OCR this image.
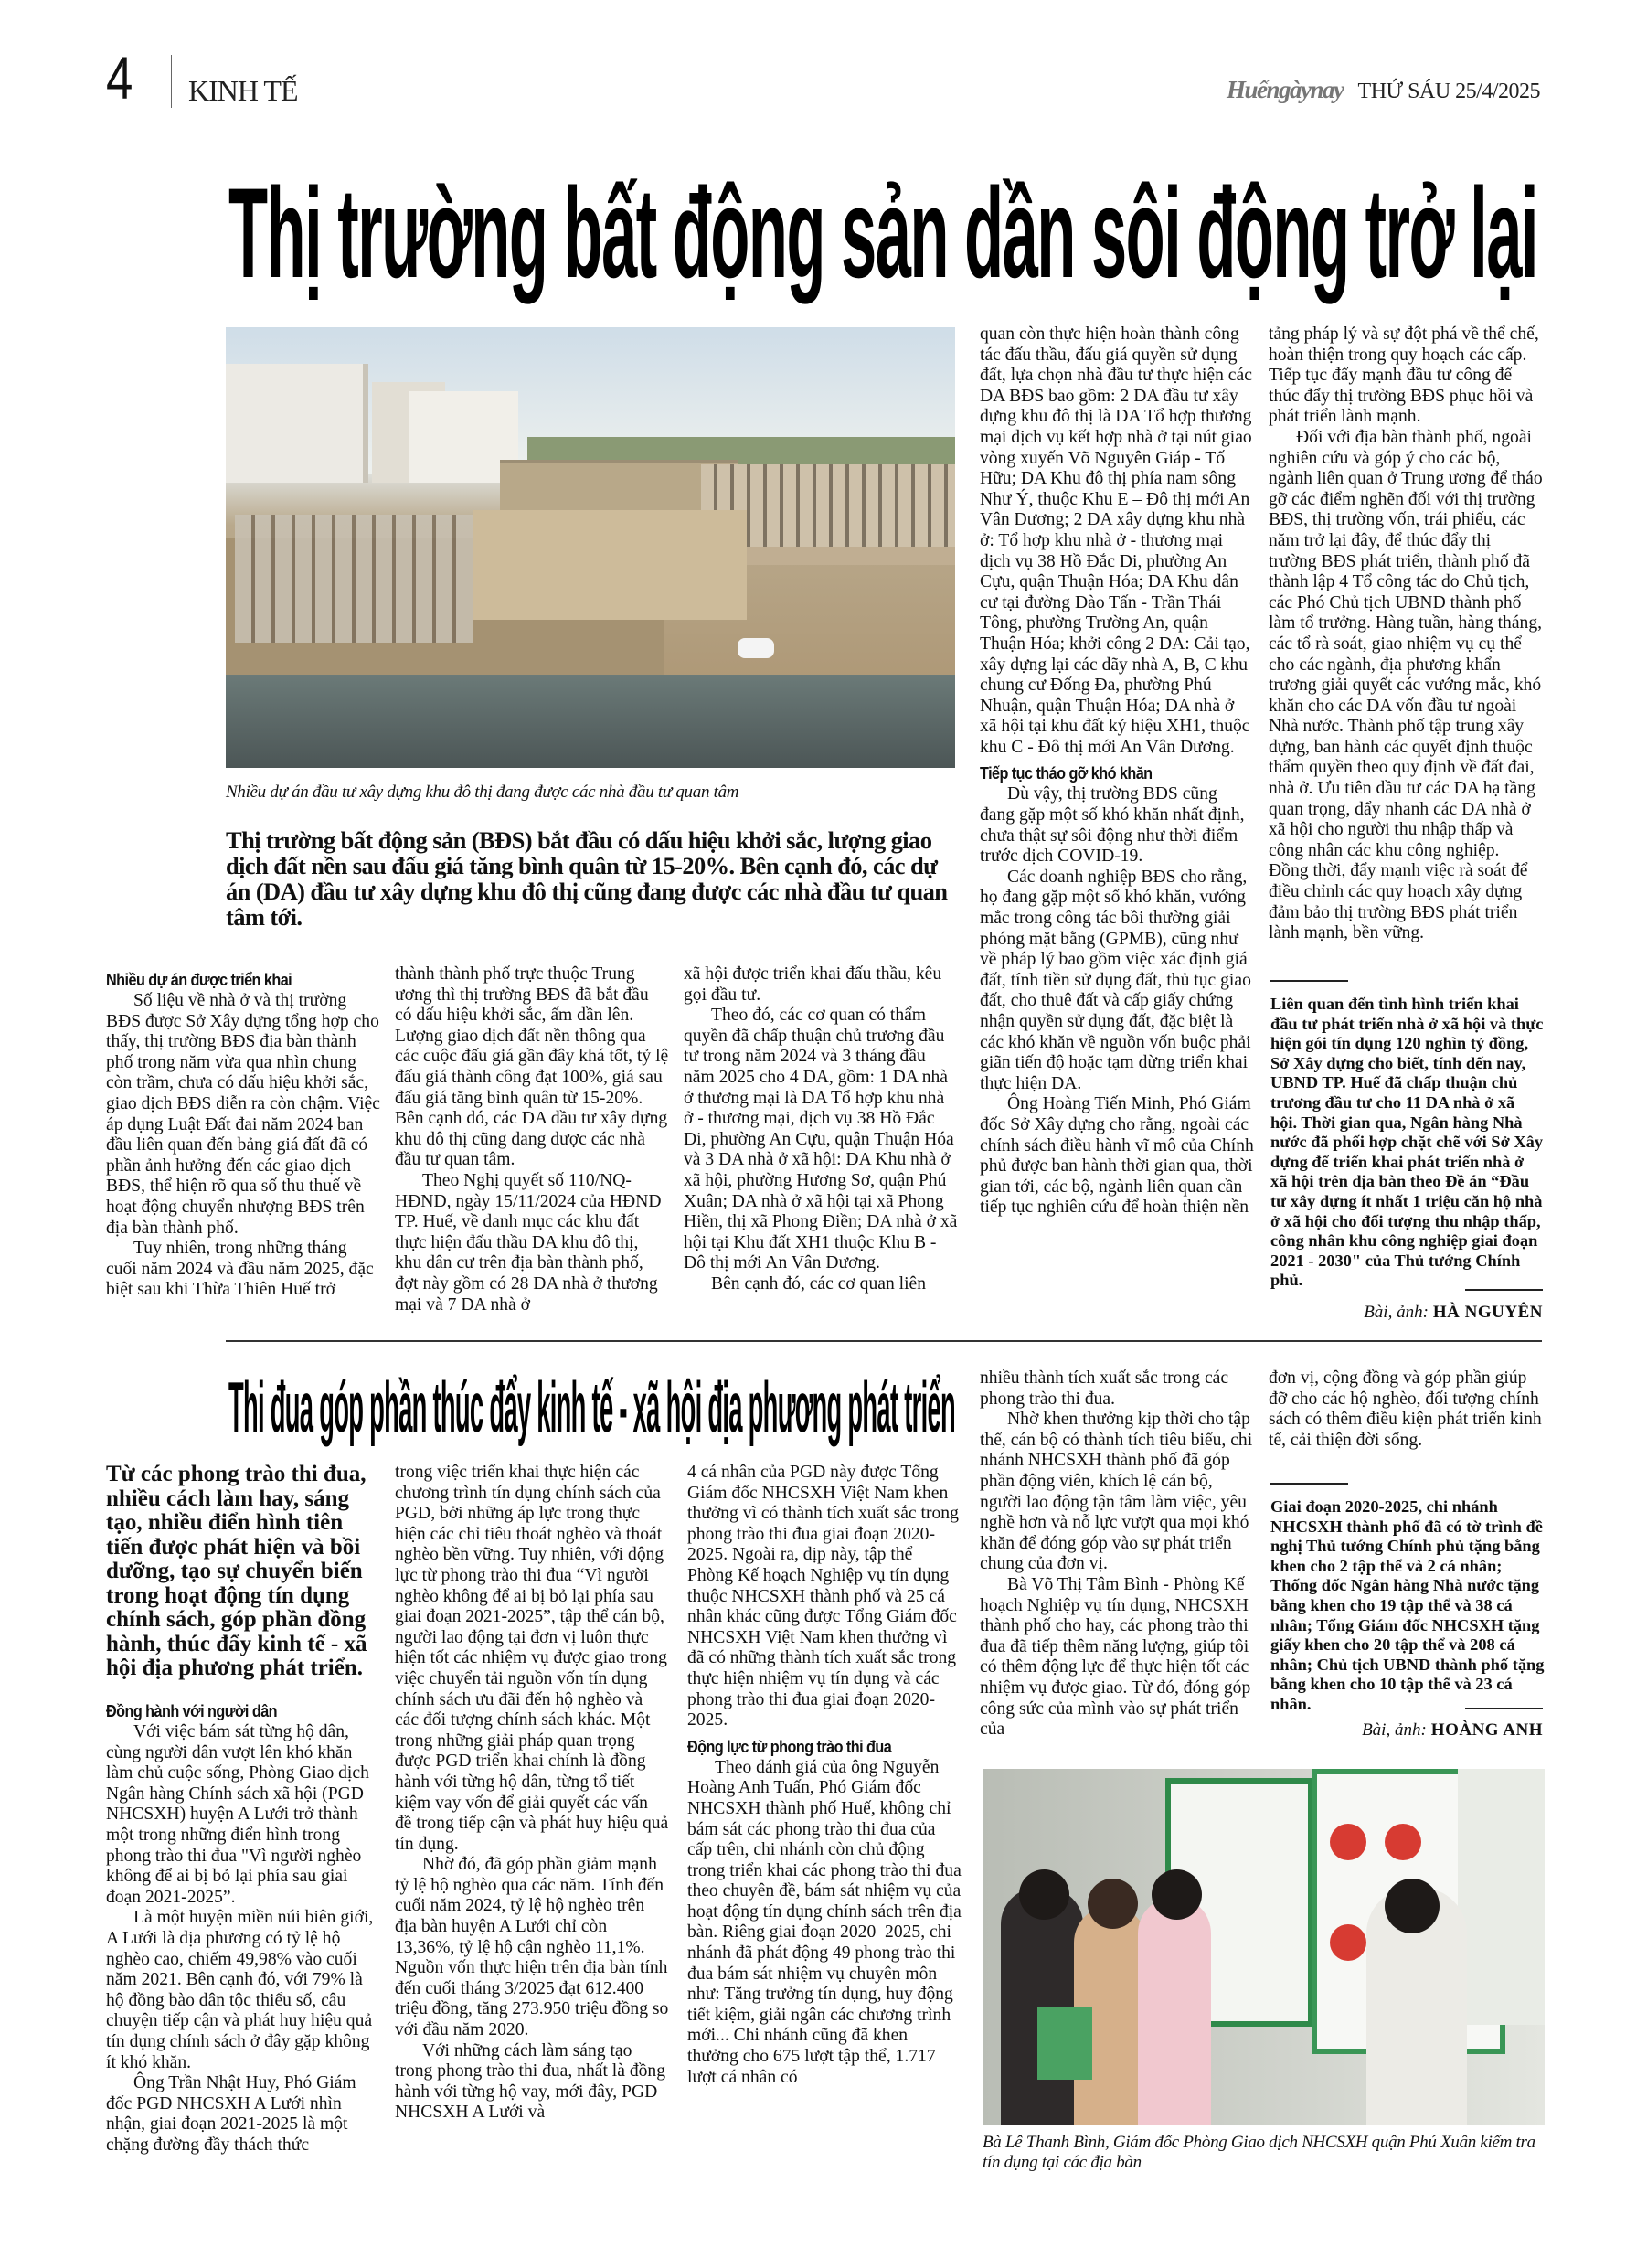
4 KINH TẾ	Huếngàynay THỨ SÁU 25/4/2025
Thị trường bất động sản dần sôi động trở lại
Nhiều dự án đầu tư xây dựng khu đô thị đang được các nhà đầu tư quan tâm
Thị trường bất động sản (BĐS) bắt đầu có dấu hiệu khởi sắc, lượng giao dịch đất nền sau đấu giá tăng bình quân từ 15-20%. Bên cạnh đó, các dự án (DA) đầu tư xây dựng khu đô thị cũng đang được các nhà đầu tư quan tâm tới.
Nhiều dự án được triển khai

Số liệu về nhà ở và thị trường BĐS được Sở Xây dựng tổng hợp cho thấy, thị trường BĐS địa bàn thành phố trong năm vừa qua nhìn chung còn trầm, chưa có dấu hiệu khởi sắc, giao dịch BĐS diễn ra còn chậm. Việc áp dụng Luật Đất đai năm 2024 ban đầu liên quan đến bảng giá đất đã có phần ảnh hưởng đến các giao dịch BĐS, thể hiện rõ qua số thu thuế về hoạt động chuyển nhượng BĐS trên địa bàn thành phố.

Tuy nhiên, trong những tháng cuối năm 2024 và đầu năm 2025, đặc biệt sau khi Thừa Thiên Huế trở

thành thành phố trực thuộc Trung ương thì thị trường BĐS đã bắt đầu có dấu hiệu khởi sắc, ấm dần lên. Lượng giao dịch đất nền thông qua các cuộc đấu giá gần đây khá tốt, tỷ lệ đấu giá thành công đạt 100%, giá sau đấu giá tăng bình quân từ 15-20%. Bên cạnh đó, các DA đầu tư xây dựng khu đô thị cũng đang được các nhà đầu tư quan tâm.

Theo Nghị quyết số 110/NQ-HĐND, ngày 15/11/2024 của HĐND TP. Huế, về danh mục các khu đất thực hiện đấu thầu DA khu đô thị, khu dân cư trên địa bàn thành phố, đợt này gồm có 28 DA nhà ở thương mại và 7 DA nhà ở

xã hội được triển khai đấu thầu, kêu gọi đầu tư.

Theo đó, các cơ quan có thẩm quyền đã chấp thuận chủ trương đầu tư trong năm 2024 và 3 tháng đầu năm 2025 cho 4 DA, gồm: 1 DA nhà ở thương mại là DA Tổ hợp khu nhà ở - thương mại, dịch vụ 38 Hồ Đắc Di, phường An Cựu, quận Thuận Hóa và 3 DA nhà ở xã hội: DA Khu nhà ở xã hội, phường Hương Sơ, quận Phú Xuân; DA nhà ở xã hội tại xã Phong Hiền, thị xã Phong Điền; DA nhà ở xã hội tại Khu đất XH1 thuộc Khu B - Đô thị mới An Vân Dương.

Bên cạnh đó, các cơ quan liên

quan còn thực hiện hoàn thành công tác đấu thầu, đấu giá quyền sử dụng đất, lựa chọn nhà đầu tư thực hiện các DA BĐS bao gồm: 2 DA đầu tư xây dựng khu đô thị là DA Tổ hợp thương mại dịch vụ kết hợp nhà ở tại nút giao vòng xuyến Võ Nguyên Giáp - Tố Hữu; DA Khu đô thị phía nam sông Như Ý, thuộc Khu E – Đô thị mới An Vân Dương; 2 DA xây dựng khu nhà ở: Tổ hợp khu nhà ở - thương mại dịch vụ 38 Hồ Đắc Di, phường An Cựu, quận Thuận Hóa; DA Khu dân cư tại đường Đào Tấn - Trần Thái Tông, phường Trường An, quận Thuận Hóa; khởi công 2 DA: Cải tạo, xây dựng lại các dãy nhà A, B, C khu chung cư Đống Đa, phường Phú Nhuận, quận Thuận Hóa; DA nhà ở xã hội tại khu đất ký hiệu XH1, thuộc khu C - Đô thị mới An Vân Dương.

Tiếp tục tháo gỡ khó khăn

Dù vậy, thị trường BĐS cũng đang gặp một số khó khăn nhất định, chưa thật sự sôi động như thời điểm trước dịch COVID-19.

Các doanh nghiệp BĐS cho rằng, họ đang gặp một số khó khăn, vướng mắc trong công tác bồi thường giải phóng mặt bằng (GPMB), cũng như về pháp lý bao gồm việc xác định giá đất, tính tiền sử dụng đất, thủ tục giao đất, cho thuê đất và cấp giấy chứng nhận quyền sử dụng đất, đặc biệt là các khó khăn về nguồn vốn buộc phải giãn tiến độ hoặc tạm dừng triển khai thực hiện DA.

Ông Hoàng Tiến Minh, Phó Giám đốc Sở Xây dựng cho rằng, ngoài các chính sách điều hành vĩ mô của Chính phủ được ban hành thời gian qua, thời gian tới, các bộ, ngành liên quan cần tiếp tục nghiên cứu để hoàn thiện nền

tảng pháp lý và sự đột phá về thể chế, hoàn thiện trong quy hoạch các cấp. Tiếp tục đẩy mạnh đầu tư công để thúc đẩy thị trường BĐS phục hồi và phát triển lành mạnh.

Đối với địa bàn thành phố, ngoài nghiên cứu và góp ý cho các bộ, ngành liên quan ở Trung ương để tháo gỡ các điểm nghẽn đối với thị trường BĐS, thị trường vốn, trái phiếu, các năm trở lại đây, để thúc đẩy thị trường BĐS phát triển, thành phố đã thành lập 4 Tổ công tác do Chủ tịch, các Phó Chủ tịch UBND thành phố làm tổ trưởng. Hàng tuần, hàng tháng, các tổ rà soát, giao nhiệm vụ cụ thể cho các ngành, địa phương khẩn trương giải quyết các vướng mắc, khó khăn cho các DA vốn đầu tư ngoài Nhà nước. Thành phố tập trung xây dựng, ban hành các quyết định thuộc thẩm quyền theo quy định về đất đai, nhà ở. Ưu tiên đầu tư các DA hạ tầng quan trọng, đẩy nhanh các DA nhà ở xã hội cho người thu nhập thấp và công nhân các khu công nghiệp. Đồng thời, đẩy mạnh việc rà soát để điều chỉnh các quy hoạch xây dựng đảm bảo thị trường BĐS phát triển lành mạnh, bền vững.

Liên quan đến tình hình triển khai đầu tư phát triển nhà ở xã hội và thực hiện gói tín dụng 120 nghìn tỷ đồng, Sở Xây dựng cho biết, tính đến nay, UBND TP. Huế đã chấp thuận chủ trương đầu tư cho 11 DA nhà ở xã hội. Thời gian qua, Ngân hàng Nhà nước đã phối hợp chặt chẽ với Sở Xây dựng để triển khai phát triển nhà ở xã hội trên địa bàn theo Đề án “Đầu tư xây dựng ít nhất 1 triệu căn hộ nhà ở xã hội cho đối tượng thu nhập thấp, công nhân khu công nghiệp giai đoạn 2021 - 2030" của Thủ tướng Chính phủ.
Bài, ảnh: HÀ NGUYÊN
Thi đua góp phần thúc đẩy kinh tế - xã hội địa phương phát triển
Từ các phong trào thi đua, nhiều cách làm hay, sáng tạo, nhiều điển hình tiên tiến được phát hiện và bồi dưỡng, tạo sự chuyển biến trong hoạt động tín dụng chính sách, góp phần đồng hành, thúc đẩy kinh tế - xã hội địa phương phát triển.
Đồng hành với người dân

Với việc bám sát từng hộ dân, cùng người dân vượt lên khó khăn làm chủ cuộc sống, Phòng Giao dịch Ngân hàng Chính sách xã hội (PGD NHCSXH) huyện A Lưới trở thành một trong những điển hình trong phong trào thi đua "Vì người nghèo không để ai bị bỏ lại phía sau giai đoạn 2021-2025”.

Là một huyện miền núi biên giới, A Lưới là địa phương có tỷ lệ hộ nghèo cao, chiếm 49,98% vào cuối năm 2021. Bên cạnh đó, với 79% là hộ đồng bào dân tộc thiểu số, câu chuyện tiếp cận và phát huy hiệu quả tín dụng chính sách ở đây gặp không ít khó khăn.

Ông Trần Nhật Huy, Phó Giám đốc PGD NHCSXH A Lưới nhìn nhận, giai đoạn 2021-2025 là một chặng đường đầy thách thức

trong việc triển khai thực hiện các chương trình tín dụng chính sách của PGD, bởi những áp lực trong thực hiện các chỉ tiêu thoát nghèo và thoát nghèo bền vững. Tuy nhiên, với động lực từ phong trào thi đua “Vì người nghèo không để ai bị bỏ lại phía sau giai đoạn 2021-2025”, tập thể cán bộ, người lao động tại đơn vị luôn thực hiện tốt các nhiệm vụ được giao trong việc chuyển tải nguồn vốn tín dụng chính sách ưu đãi đến hộ nghèo và các đối tượng chính sách khác. Một trong những giải pháp quan trọng được PGD triển khai chính là đồng hành với từng hộ dân, từng tổ tiết kiệm vay vốn để giải quyết các vấn đề trong tiếp cận và phát huy hiệu quả tín dụng.

Nhờ đó, đã góp phần giảm mạnh tỷ lệ hộ nghèo qua các năm. Tính đến cuối năm 2024, tỷ lệ hộ nghèo trên địa bàn huyện A Lưới chỉ còn 13,36%, tỷ lệ hộ cận nghèo 11,1%. Nguồn vốn thực hiện trên địa bàn tính đến cuối tháng 3/2025 đạt 612.400 triệu đồng, tăng 273.950 triệu đồng so với đầu năm 2020.

Với những cách làm sáng tạo trong phong trào thi đua, nhất là đồng hành với từng hộ vay, mới đây, PGD NHCSXH A Lưới và

4 cá nhân của PGD này được Tổng Giám đốc NHCSXH Việt Nam khen thưởng vì có thành tích xuất sắc trong phong trào thi đua giai đoạn 2020-2025. Ngoài ra, dịp này, tập thể Phòng Kế hoạch Nghiệp vụ tín dụng thuộc NHCSXH thành phố và 25 cá nhân khác cũng được Tổng Giám đốc NHCSXH Việt Nam khen thưởng vì đã có những thành tích xuất sắc trong thực hiện nhiệm vụ tín dụng và các phong trào thi đua giai đoạn 2020-2025.

Động lực từ phong trào thi đua

Theo đánh giá của ông Nguyễn Hoàng Anh Tuấn, Phó Giám đốc NHCSXH thành phố Huế, không chỉ bám sát các phong trào thi đua của cấp trên, chi nhánh còn chủ động trong triển khai các phong trào thi đua theo chuyên đề, bám sát nhiệm vụ của hoạt động tín dụng chính sách trên địa bàn. Riêng giai đoạn 2020–2025, chi nhánh đã phát động 49 phong trào thi đua bám sát nhiệm vụ chuyên môn như: Tăng trưởng tín dụng, huy động tiết kiệm, giải ngân các chương trình mới... Chi nhánh cũng đã khen thưởng cho 675 lượt tập thể, 1.717 lượt cá nhân có

nhiều thành tích xuất sắc trong các phong trào thi đua.

Nhờ khen thưởng kịp thời cho tập thể, cán bộ có thành tích tiêu biểu, chi nhánh NHCSXH thành phố đã góp phần động viên, khích lệ cán bộ, người lao động tận tâm làm việc, yêu nghề hơn và nỗ lực vượt qua mọi khó khăn để đóng góp vào sự phát triển chung của đơn vị.

Bà Võ Thị Tâm Bình - Phòng Kế hoạch Nghiệp vụ tín dụng, NHCSXH thành phố cho hay, các phong trào thi đua đã tiếp thêm năng lượng, giúp tôi có thêm động lực để thực hiện tốt các nhiệm vụ được giao. Từ đó, đóng góp công sức của mình vào sự phát triển của

đơn vị, cộng đồng và góp phần giúp đỡ cho các hộ nghèo, đối tượng chính sách có thêm điều kiện phát triển kinh tế, cải thiện đời sống.

Giai đoạn 2020-2025, chi nhánh NHCSXH thành phố đã có tờ trình đề nghị Thủ tướng Chính phủ tặng bằng khen cho 2 tập thể và 2 cá nhân; Thống đốc Ngân hàng Nhà nước tặng bằng khen cho 19 tập thể và 38 cá nhân; Tổng Giám đốc NHCSXH tặng giấy khen cho 20 tập thể và 208 cá nhân; Chủ tịch UBND thành phố tặng bằng khen cho 10 tập thể và 23 cá nhân.
Bài, ảnh: HOÀNG ANH
Bà Lê Thanh Bình, Giám đốc Phòng Giao dịch NHCSXH quận Phú Xuân kiểm tra tín dụng tại các địa bàn
